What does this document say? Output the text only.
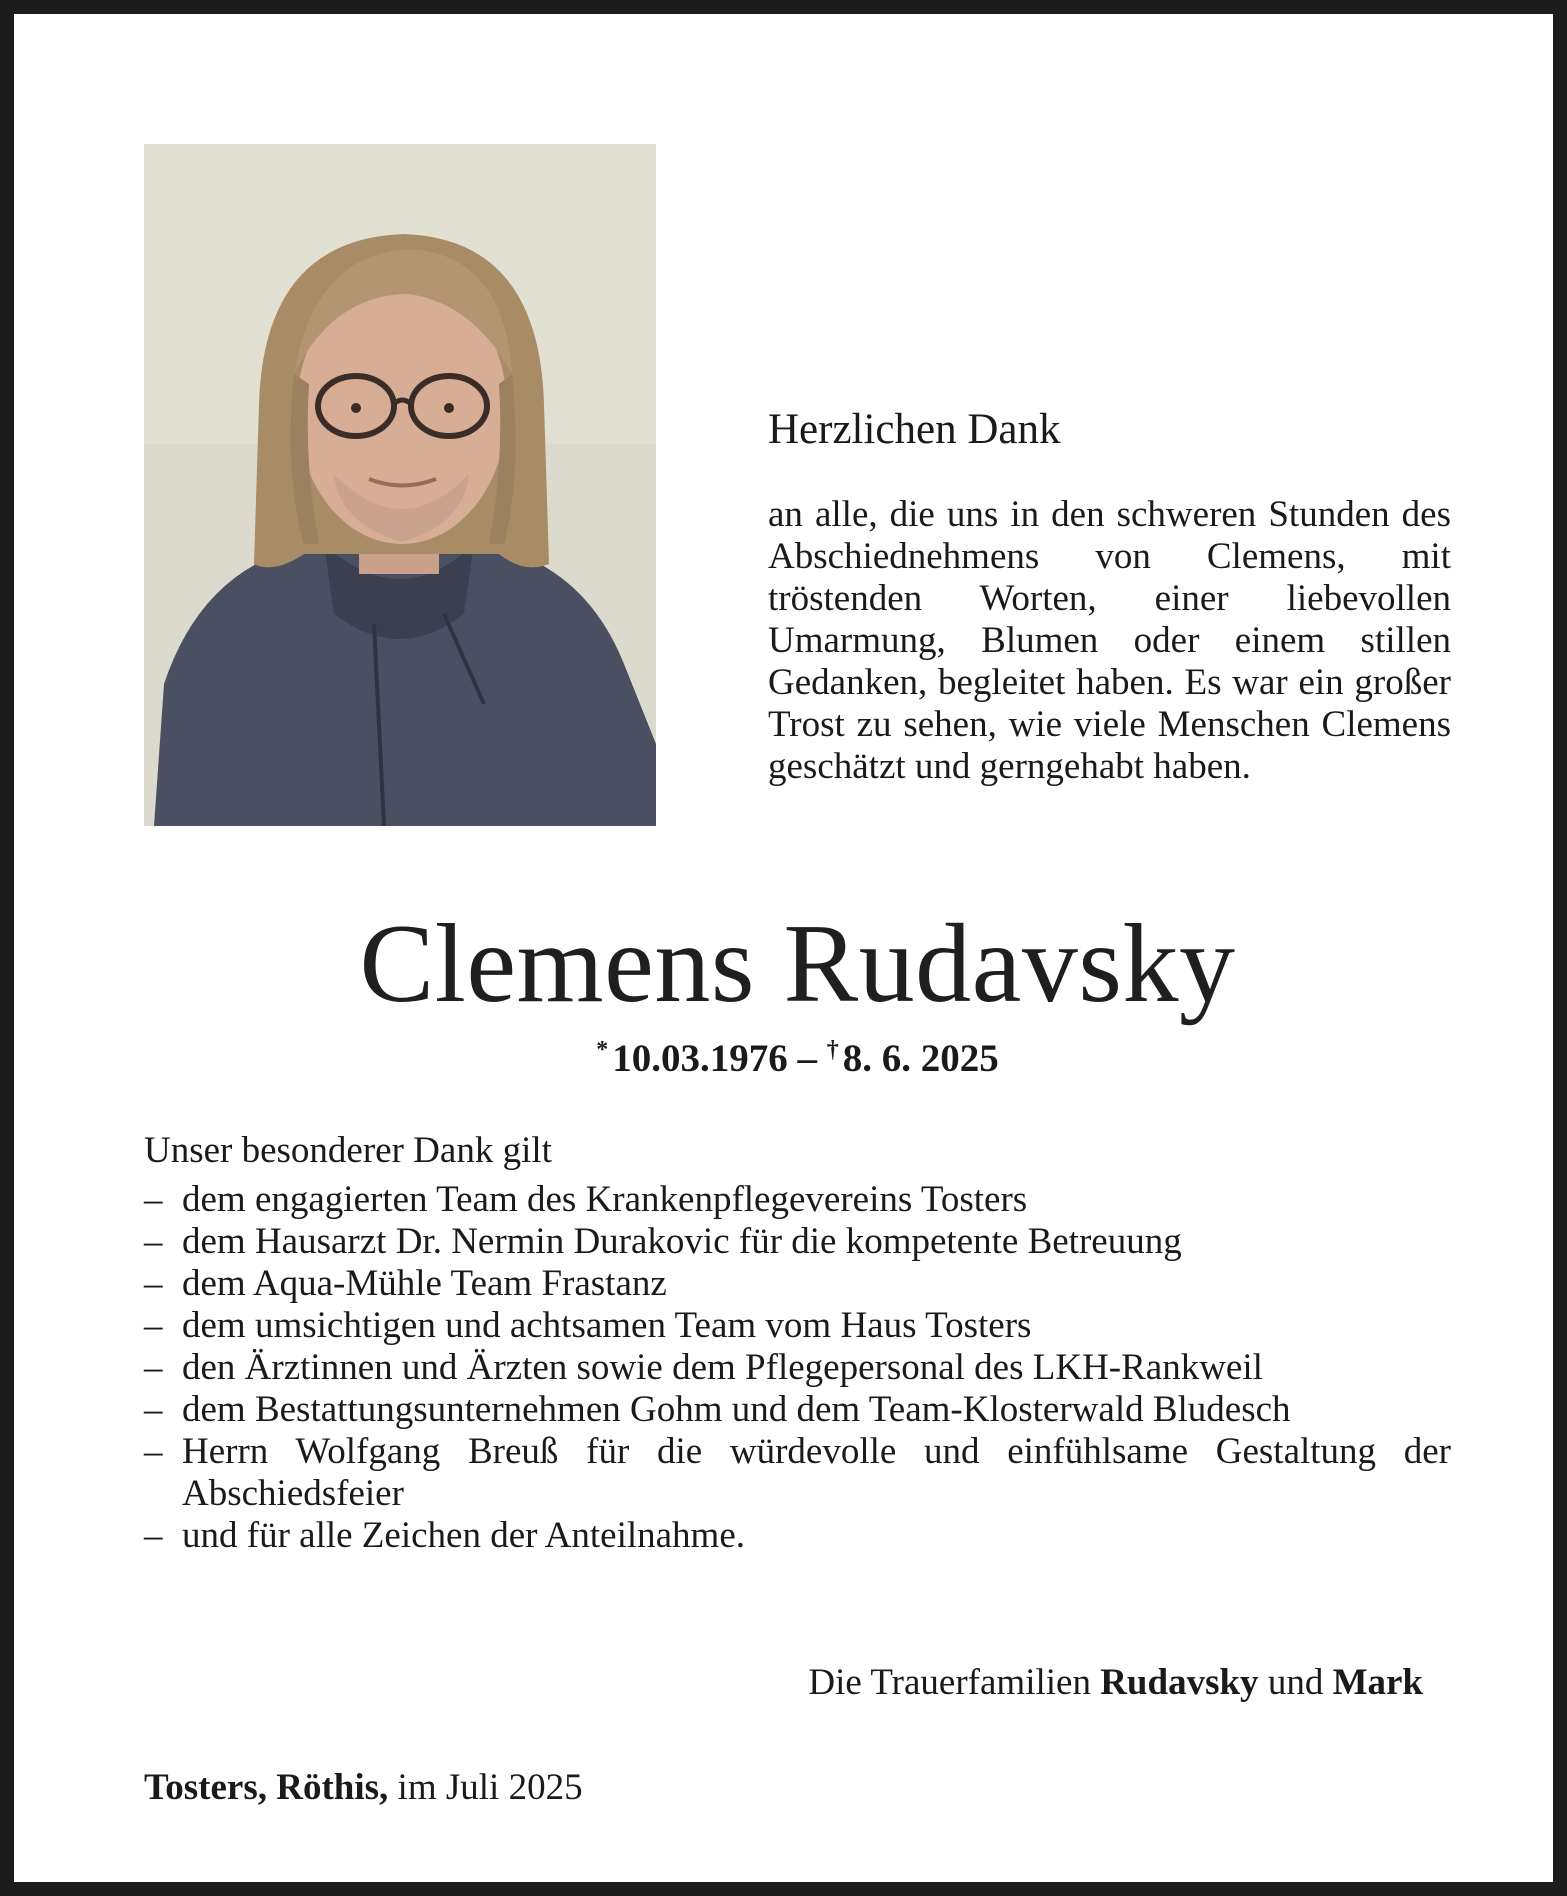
Herzlichen Dank

an alle, die uns in den schweren Stunden des Abschiednehmens von Clemens, mit tröstenden Worten, einer liebevollen Umarmung, Blumen oder einem stillen Gedanken, begleitet haben. Es war ein großer Trost zu sehen, wie viele Menschen Clemens geschätzt und gerngehabt haben.

Clemens Rudavsky
* 10.03.1976 – † 8. 6. 2025

Unser besonderer Dank gilt

– dem engagierten Team des Krankenpflegevereins Tosters
– dem Hausarzt Dr. Nermin Durakovic für die kompetente Betreuung
– dem Aqua-Mühle Team Frastanz
– dem umsichtigen und achtsamen Team vom Haus Tosters
– den Ärztinnen und Ärzten sowie dem Pflegepersonal des LKH-Rankweil
– dem Bestattungsunternehmen Gohm und dem Team-Klosterwald Bludesch
– Herrn Wolfgang Breuß für die würdevolle und einfühlsame Gestaltung der Abschiedsfeier
– und für alle Zeichen der Anteilnahme.
Die Trauerfamilien Rudavsky und Mark
Tosters, Röthis, im Juli 2025
